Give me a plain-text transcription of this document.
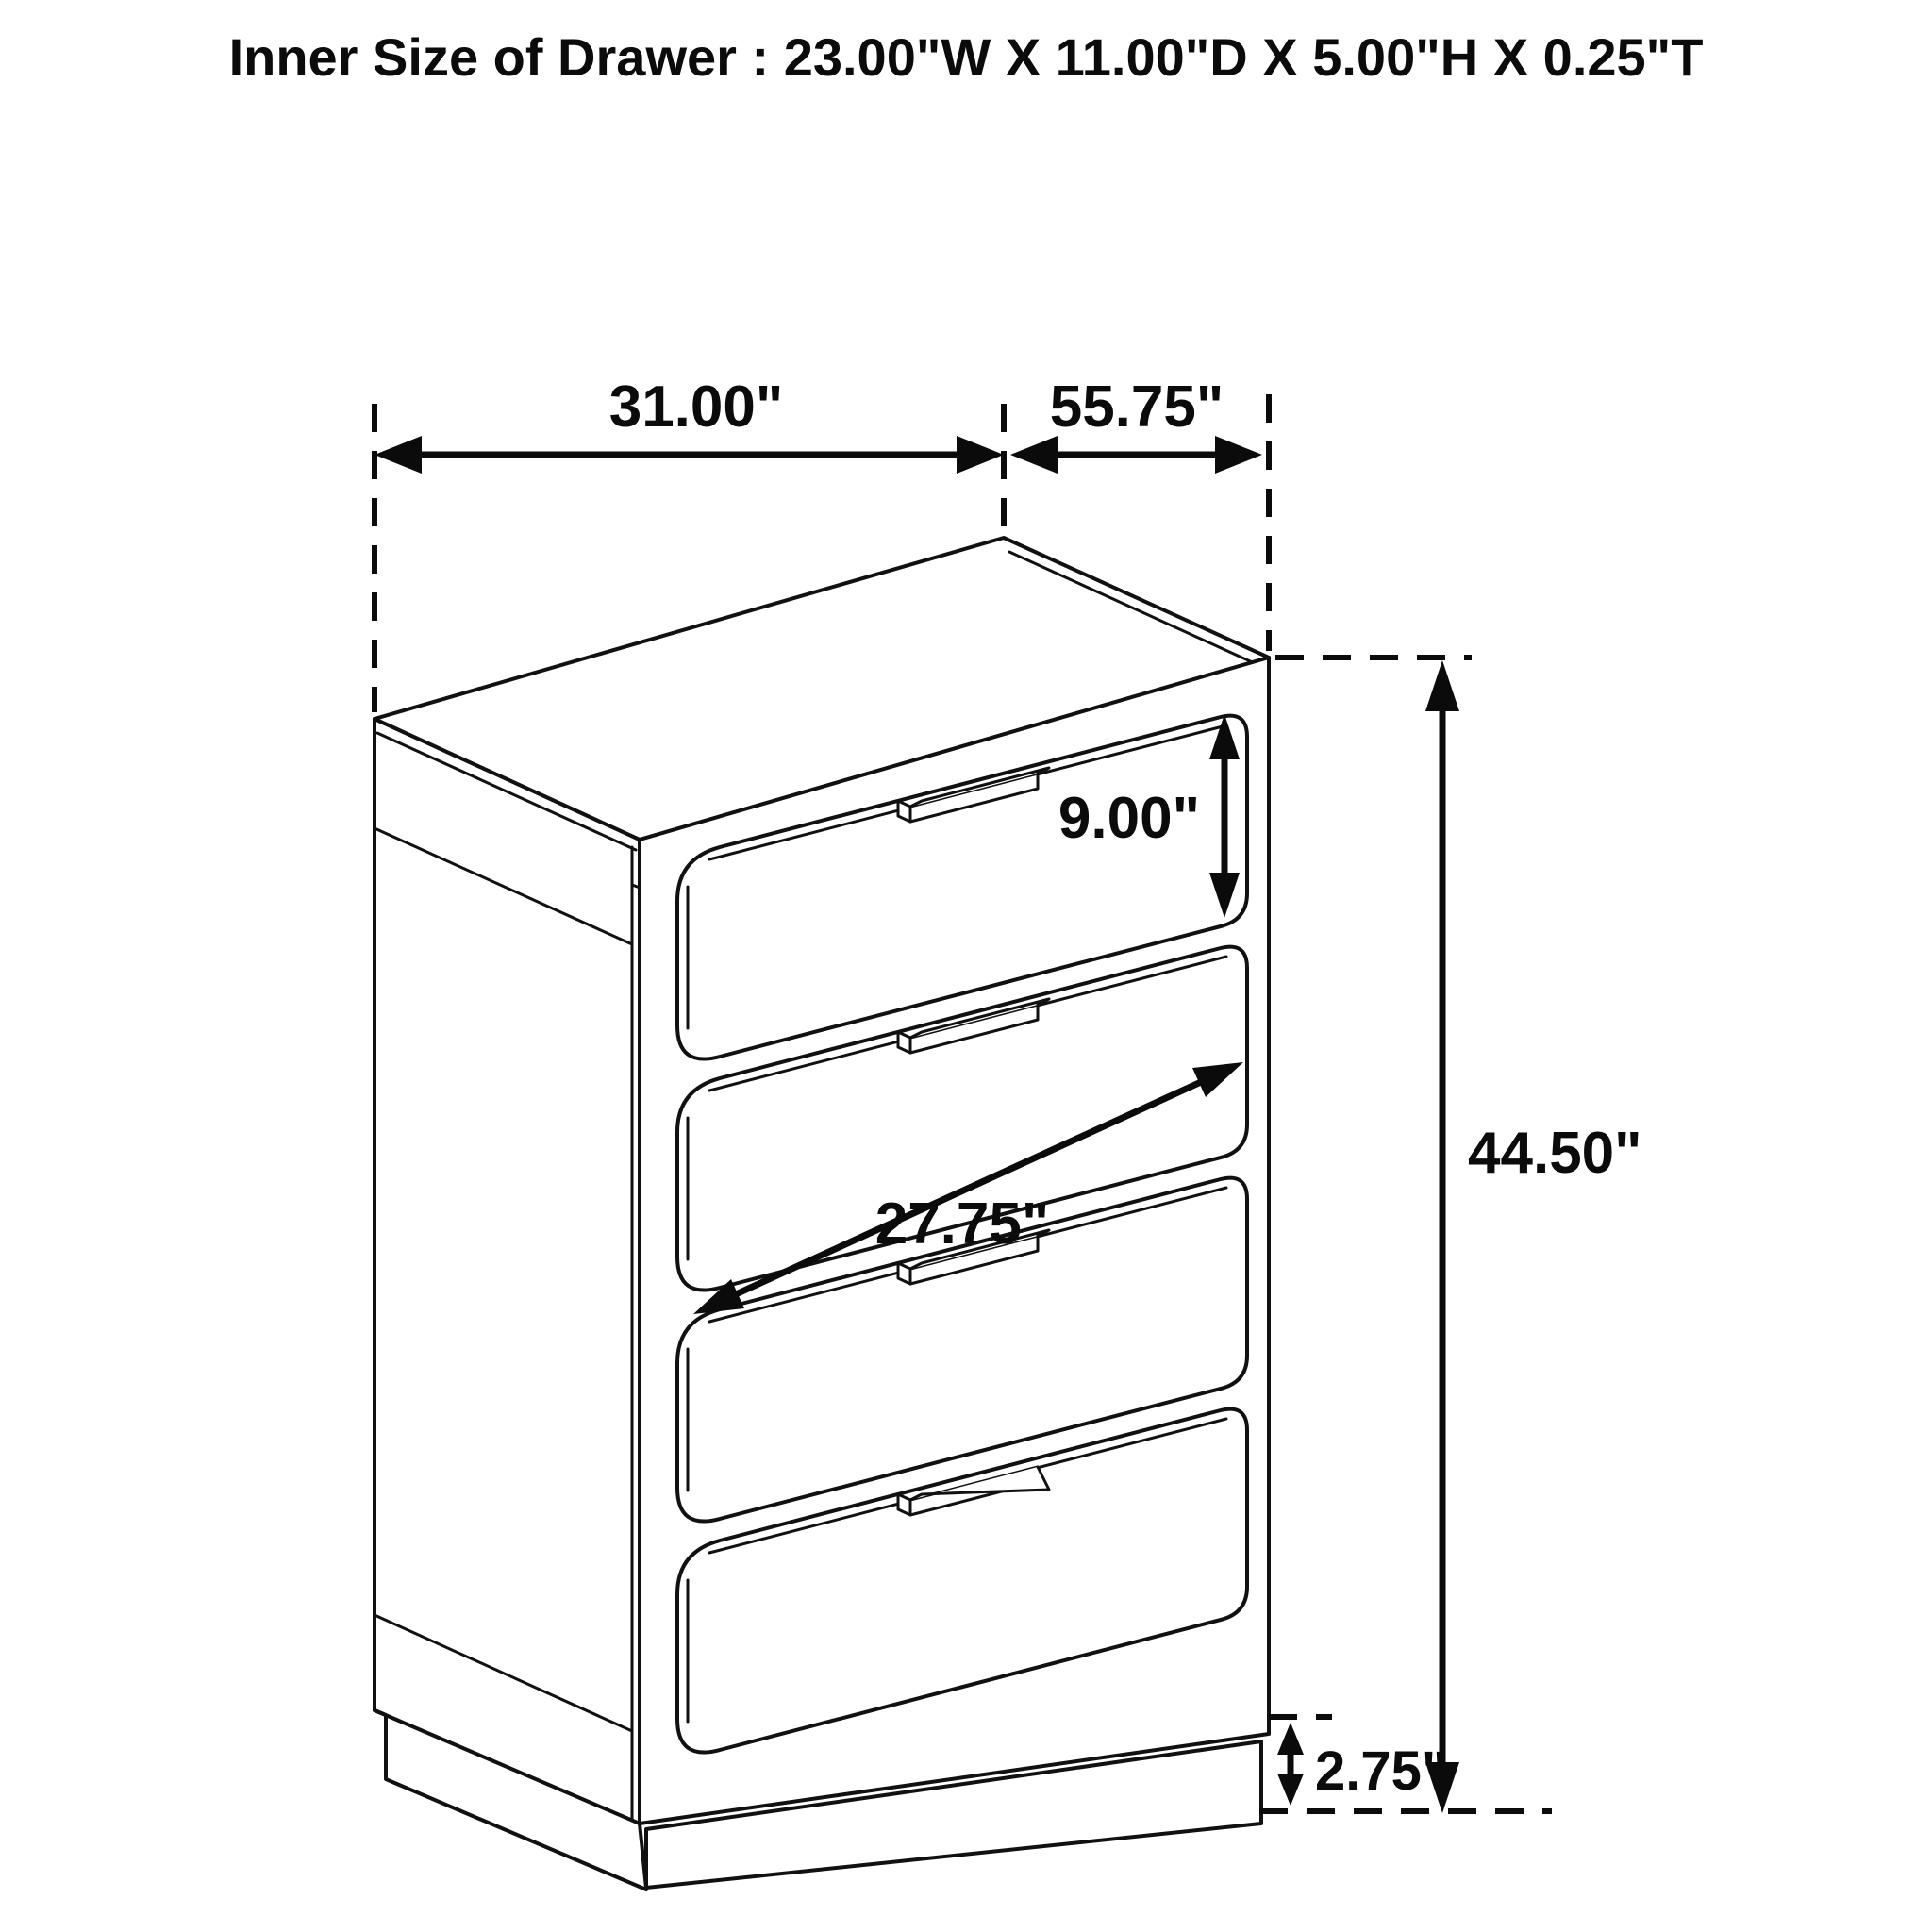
Inner Size of Drawer : 23.00"W X 11.00"D X 5.00"H X 0.25"T
31.00"	55.75"
9.00"
27.75"
44.50"
2.75"
